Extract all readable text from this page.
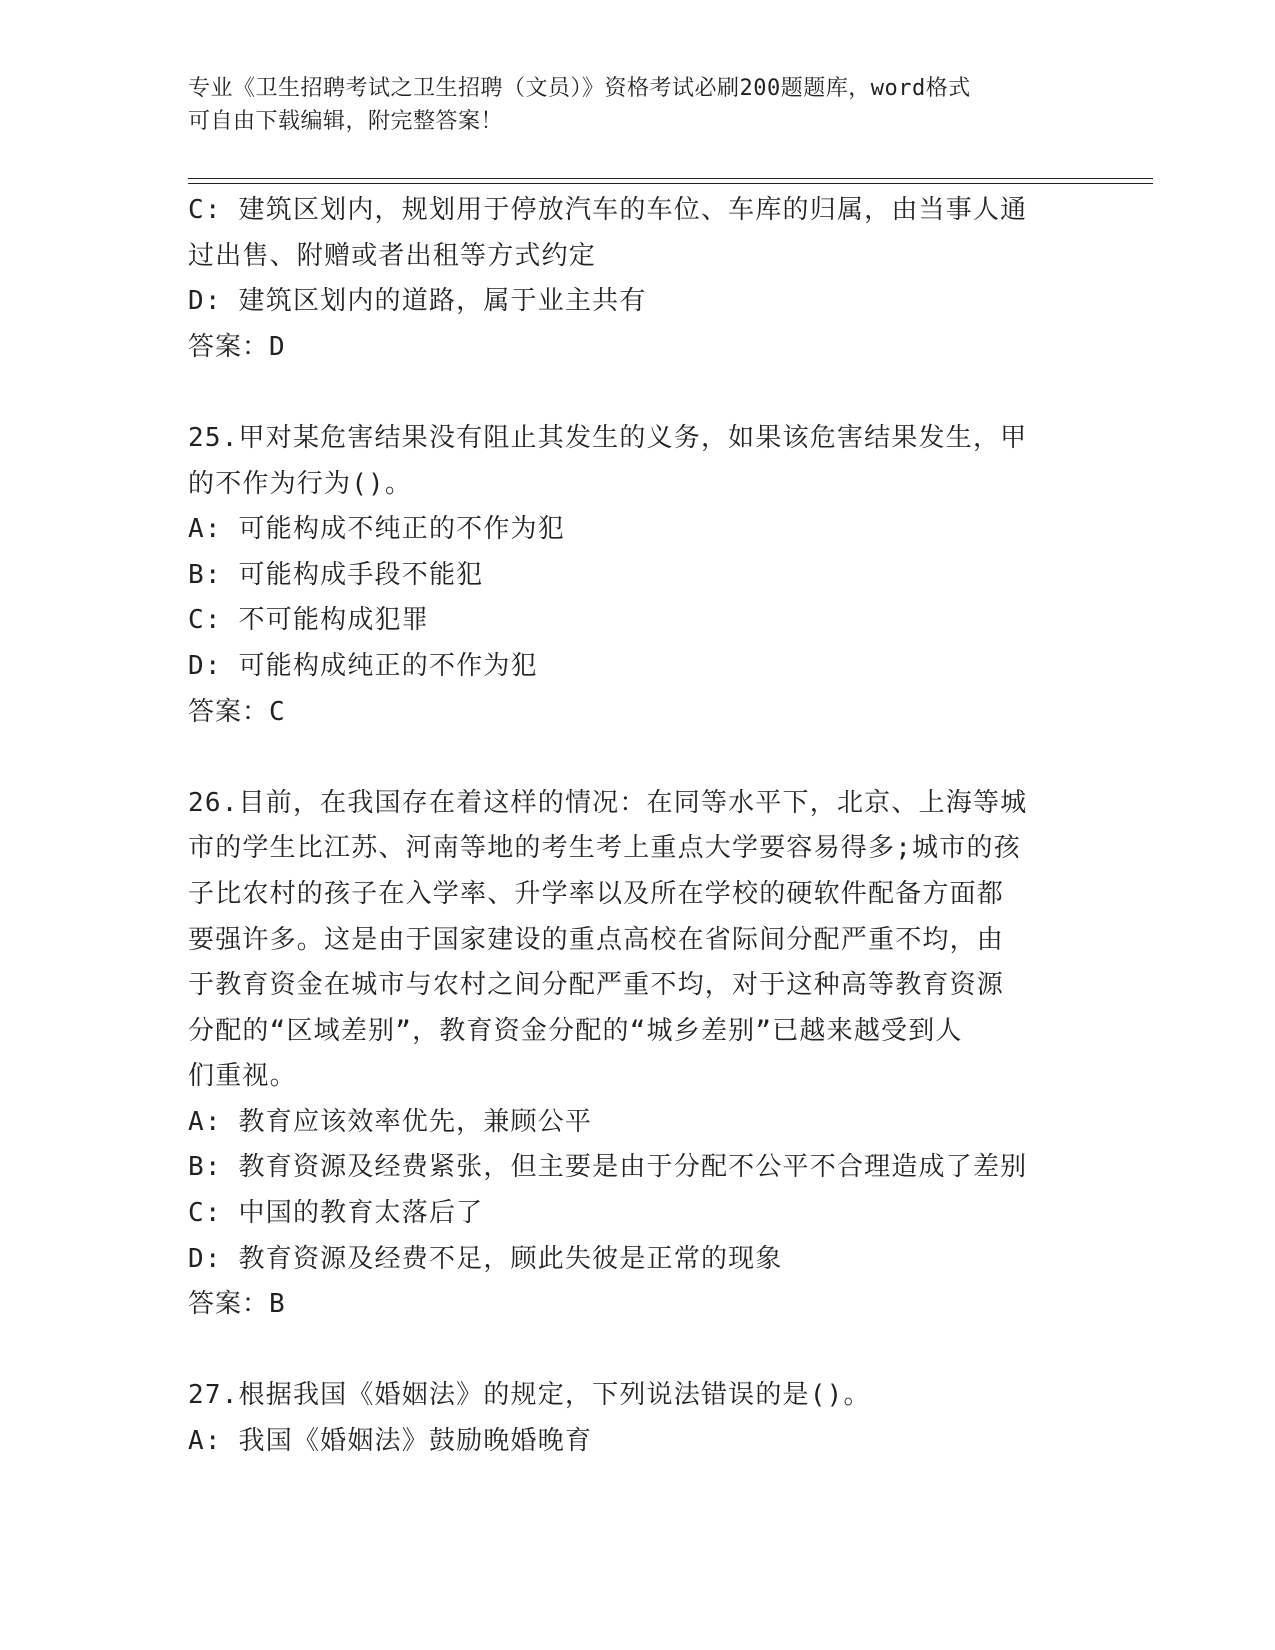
专业《卫生招聘考试之卫生招聘（文员）》资格考试必刷200题题库，word格式
可自由下载编辑，附完整答案！
C: 建筑区划内，规划用于停放汽车的车位、车库的归属，由当事人通
过出售、附赠或者出租等方式约定
D: 建筑区划内的道路，属于业主共有
答案：D
25.甲对某危害结果没有阻止其发生的义务，如果该危害结果发生，甲
的不作为行为()。
A: 可能构成不纯正的不作为犯
B: 可能构成手段不能犯
C: 不可能构成犯罪
D: 可能构成纯正的不作为犯
答案：C
26.目前，在我国存在着这样的情况：在同等水平下，北京、上海等城
市的学生比江苏、河南等地的考生考上重点大学要容易得多;城市的孩
子比农村的孩子在入学率、升学率以及所在学校的硬软件配备方面都
要强许多。这是由于国家建设的重点高校在省际间分配严重不均，由
于教育资金在城市与农村之间分配严重不均，对于这种高等教育资源
分配的“区域差别”，教育资金分配的“城乡差别”已越来越受到人
们重视。
A: 教育应该效率优先，兼顾公平
B: 教育资源及经费紧张，但主要是由于分配不公平不合理造成了差别
C: 中国的教育太落后了
D: 教育资源及经费不足，顾此失彼是正常的现象
答案：B
27.根据我国《婚姻法》的规定，下列说法错误的是()。
A: 我国《婚姻法》鼓励晚婚晚育
